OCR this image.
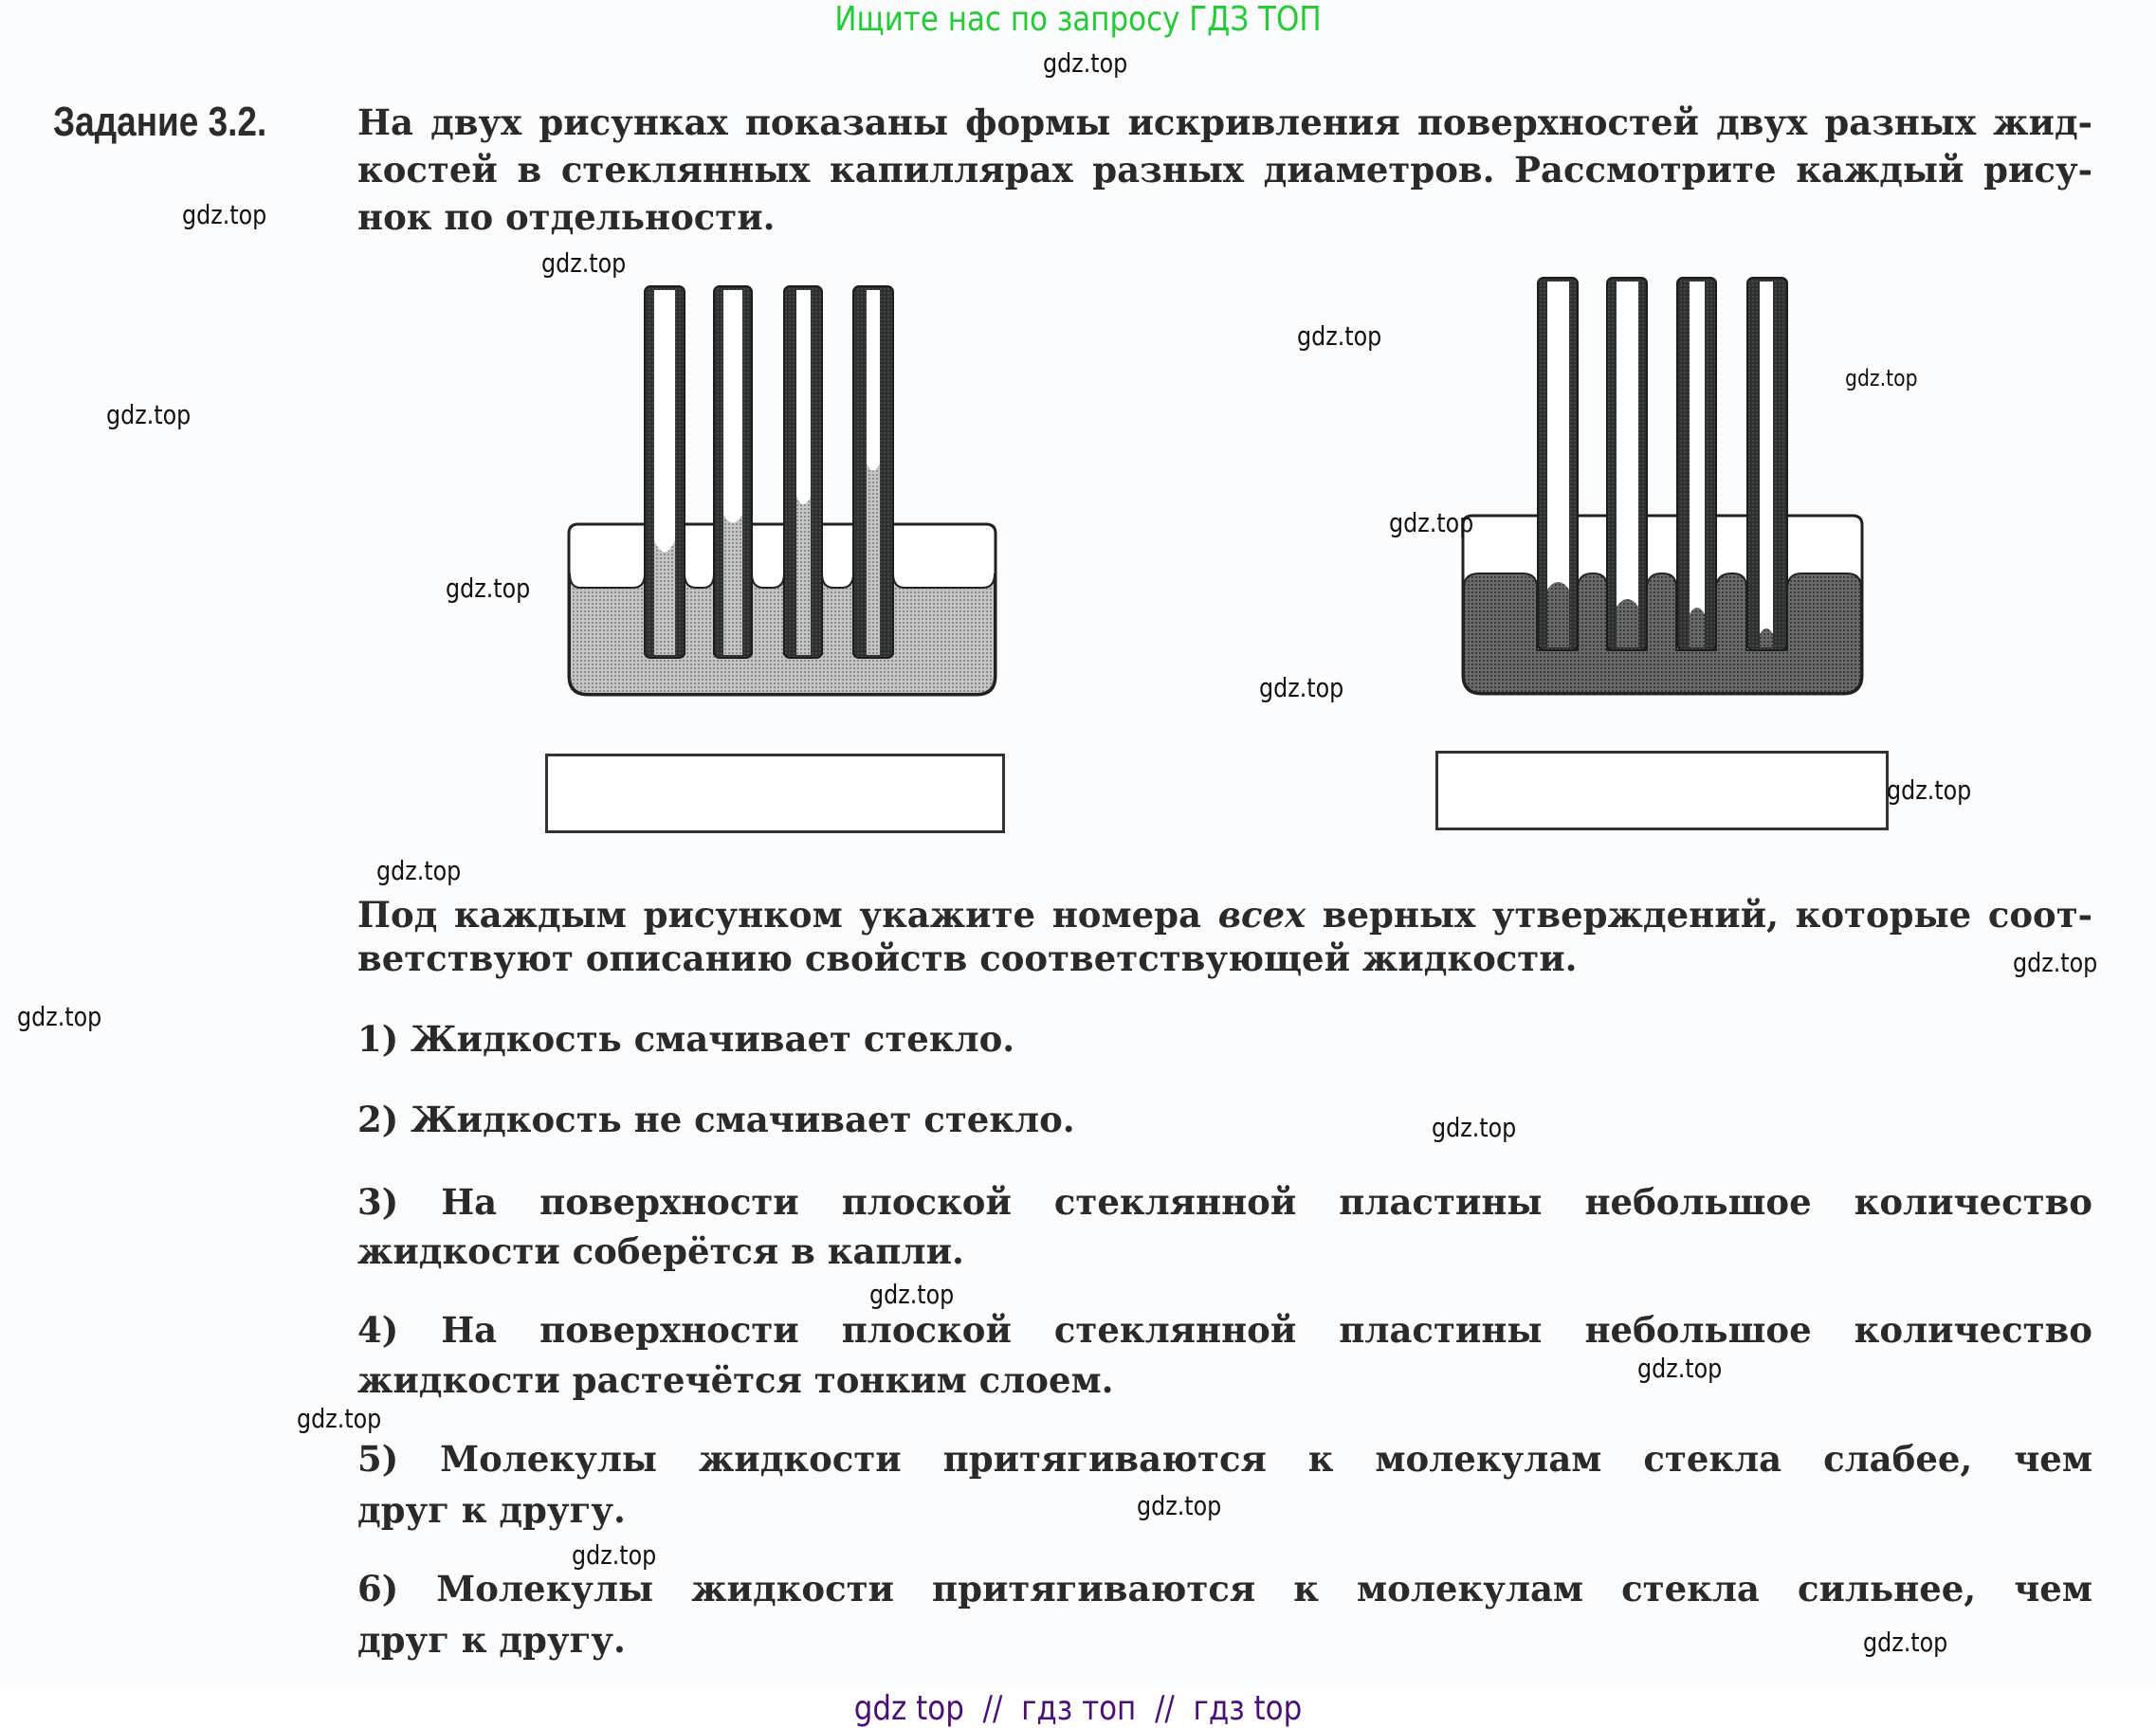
Ищите нас по запросу ГДЗ ТОП
Задание 3.2.	На двух рисунках показаны формы искривления поверхностей двух разных жид-
костей в стеклянных капиллярах разных диаметров. Рассмотрите каждый рису-
нок по отдельности.
Под каждым рисунком укажите номера всех верных утверждений, которые соот-
ветствуют описанию свойств соответствующей жидкости.
1) Жидкость смачивает стекло.
2) Жидкость не смачивает стекло.
3) На поверхности плоской стеклянной пластины небольшое количество
жидкости соберётся в капли.
4) На поверхности плоской стеклянной пластины небольшое количество
жидкости растечётся тонким слоем.
5) Молекулы жидкости притягиваются к молекулам стекла слабее, чем
друг к другу.
6) Молекулы жидкости притягиваются к молекулам стекла сильнее, чем
друг к другу.
gdz.top
gdz.top
gdz.top
gdz.top
gdz.top
gdz.top
gdz.top
gdz.top
gdz.top
gdz.top
gdz.top
gdz.top
gdz.top
gdz.top
gdz.top
gdz.top
gdz.top
gdz.top
gdz.top
gdz.top
gdz top // гдз топ // гдз top
